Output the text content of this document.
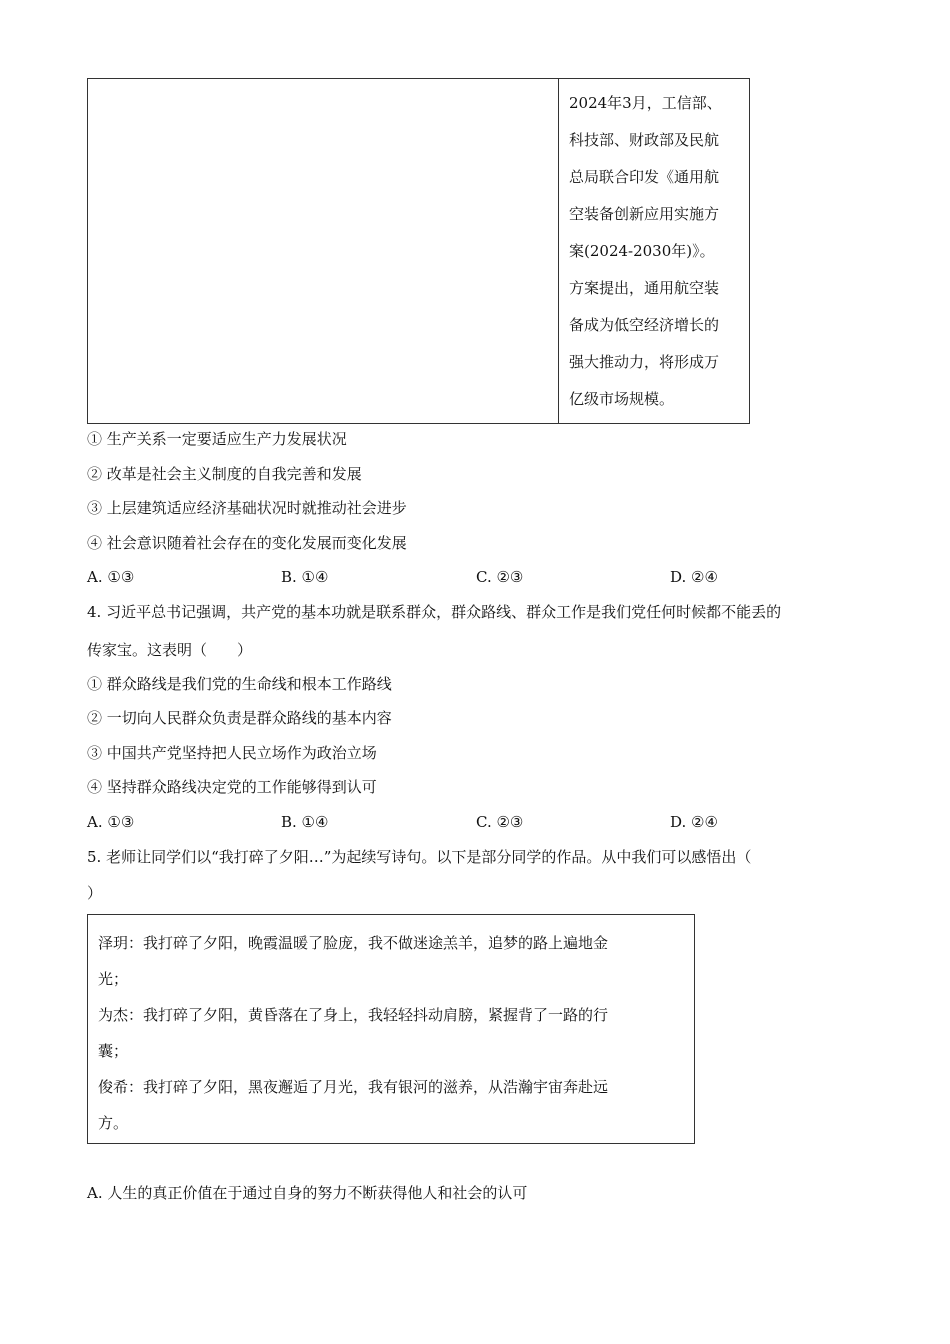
2024年3月，工信部、
科技部、财政部及民航
总局联合印发《通用航
空装备创新应用实施方
案(2024-2030年)》。
方案提出，通用航空装
备成为低空经济增长的
强大推动力，将形成万
亿级市场规模。
① 生产关系一定要适应生产力发展状况
② 改革是社会主义制度的自我完善和发展
③ 上层建筑适应经济基础状况时就推动社会进步
④ 社会意识随着社会存在的变化发展而变化发展
A. ①③	B. ①④	C. ②③	D. ②④
4. 习近平总书记强调，共产党的基本功就是联系群众，群众路线、群众工作是我们党任何时候都不能丢的
传家宝。这表明（　　）
① 群众路线是我们党的生命线和根本工作路线
② 一切向人民群众负责是群众路线的基本内容
③ 中国共产党坚持把人民立场作为政治立场
④ 坚持群众路线决定党的工作能够得到认可
A. ①③	B. ①④	C. ②③	D. ②④
5. 老师让同学们以“我打碎了夕阳…”为起续写诗句。以下是部分同学的作品。从中我们可以感悟出（
）
泽玥：我打碎了夕阳，晚霞温暖了脸庞，我不做迷途羔羊，追梦的路上遍地金
光；
为杰：我打碎了夕阳，黄昏落在了身上，我轻轻抖动肩膀，紧握背了一路的行
囊；
俊希：我打碎了夕阳，黑夜邂逅了月光，我有银河的滋养，从浩瀚宇宙奔赴远
方。
A. 人生的真正价值在于通过自身的努力不断获得他人和社会的认可
